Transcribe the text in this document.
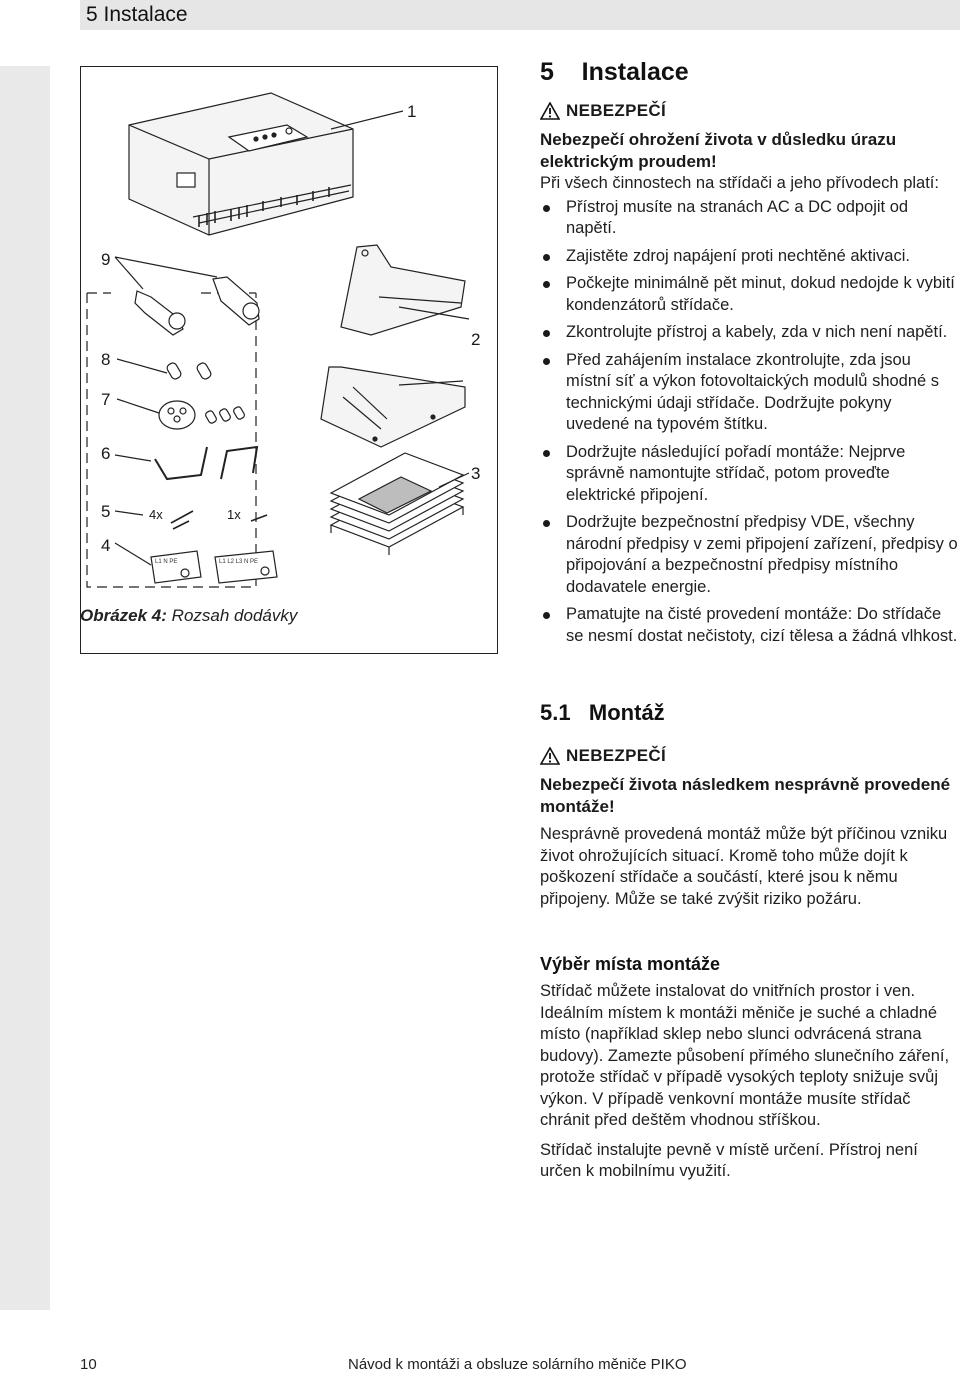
5 Instalace
1
2
3
4
5
6
7
8
9
4x	1x
L1 N PE	L1 L2 L3 N PE
Obrázek 4: Rozsah dodávky
5    Instalace
NEBEZPEČÍ
Nebezpečí ohrožení života v důsledku úrazu elektrickým proudem!
Při všech činnostech na střídači a jeho přívodech platí:
Přístroj musíte na stranách AC a DC odpojit od napětí.
Zajistěte zdroj napájení proti nechtěné aktivaci.
Počkejte minimálně pět minut, dokud nedojde k vybití kondenzátorů střídače.
Zkontrolujte přístroj a kabely, zda v nich není napětí.
Před zahájením instalace zkontrolujte, zda jsou místní síť a výkon fotovoltaických modulů shodné s technickými údaji střídače. Dodržujte pokyny uvedené na typovém štítku.
Dodržujte následující pořadí montáže: Nejprve správně namontujte střídač, potom proveďte elektrické připojení.
Dodržujte bezpečnostní předpisy VDE, všechny národní předpisy v zemi připojení zařízení, předpisy o připojování a bezpečnostní předpisy místního dodavatele energie.
Pamatujte na čisté provedení montáže: Do střídače se nesmí dostat nečistoty, cizí tělesa a žádná vlhkost.
5.1   Montáž
NEBEZPEČÍ
Nebezpečí života následkem nesprávně provedené montáže!
Nesprávně provedená montáž může být příčinou vzniku život ohrožujících situací. Kromě toho může dojít k poškození střídače a součástí, které jsou k němu připojeny. Může se také zvýšit riziko požáru.
Výběr místa montáže
Střídač můžete instalovat do vnitřních prostor i ven. Ideálním místem k montáži měniče je suché a chladné místo (například sklep nebo slunci odvrácená strana budovy). Zamezte působení přímého slunečního záření, protože střídač v případě vysokých teploty snižuje svůj výkon. V případě venkovní montáže musíte střídač chránit před deštěm vhodnou stříškou.
Střídač instalujte pevně v místě určení. Přístroj není určen k mobilnímu využití.
10	Návod k montáži a obsluze solárního měniče PIKO
